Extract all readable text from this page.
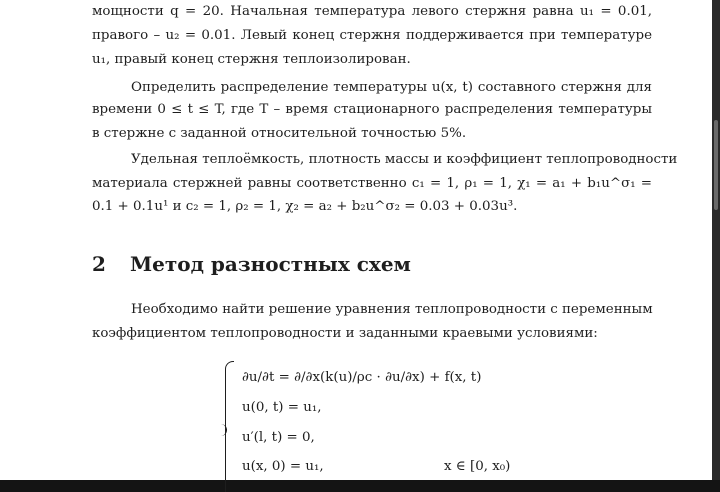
мощности q = 20. Начальная температура левого стержня равна u₁ = 0.01,
правого – u₂ = 0.01. Левый конец стержня поддерживается при температуре
u₁, правый конец стержня теплоизолирован.
Определить распределение температуры u(x, t) составного стержня для
времени 0 ≤ t ≤ T, где T – время стационарного распределения температуры
в стержне с заданной относительной точностью 5%.
Удельная теплоёмкость, плотность массы и коэффициент теплопроводности
материала стержней равны соответственно c₁ = 1, ρ₁ = 1, χ₁ = a₁ + b₁u^σ₁ =
0.1 + 0.1u¹ и c₂ = 1, ρ₂ = 1, χ₂ = a₂ + b₂u^σ₂ = 0.03 + 0.03u³.
2 Метод разностных схем
Необходимо найти решение уравнения теплопроводности с переменным
коэффициентом теплопроводности и заданными краевыми условиями:
∂u/∂t = ∂/∂x(k(u)/ρc · ∂u/∂x) + f(x, t)
u(0, t) = u₁,
u′(l, t) = 0,
u(x, 0) = u₁,	x ∈ [0, x₀)
